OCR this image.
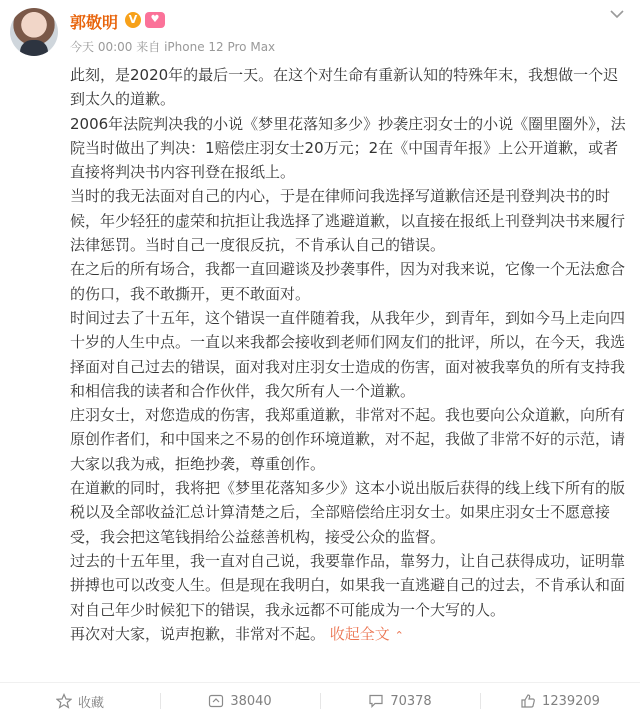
郭敬明 V	♥
今天 00:00 来自 iPhone 12 Pro Max

此刻，是2020年的最后一天。在这个对生命有重新认知的特殊年末，我想做一个迟到太久的道歉。

2006年法院判决我的小说《梦里花落知多少》抄袭庄羽女士的小说《圈里圈外》，法院当时做出了判决：1赔偿庄羽女士20万元；2在《中国青年报》上公开道歉，或者直接将判决书内容刊登在报纸上。

当时的我无法面对自己的内心，于是在律师问我选择写道歉信还是刊登判决书的时候，年少轻狂的虚荣和抗拒让我选择了逃避道歉，以直接在报纸上刊登判决书来履行法律惩罚。当时自己一度很反抗，不肯承认自己的错误。

在之后的所有场合，我都一直回避谈及抄袭事件，因为对我来说，它像一个无法愈合的伤口，我不敢撕开，更不敢面对。

时间过去了十五年，这个错误一直伴随着我，从我年少，到青年，到如今马上走向四十岁的人生中点。一直以来我都会接收到老师们网友们的批评，所以，在今天，我选择面对自己过去的错误，面对我对庄羽女士造成的伤害，面对被我辜负的所有支持我和相信我的读者和合作伙伴，我欠所有人一个道歉。

庄羽女士，对您造成的伤害，我郑重道歉，非常对不起。我也要向公众道歉，向所有原创作者们，和中国来之不易的创作环境道歉，对不起，我做了非常不好的示范，请大家以我为戒，拒绝抄袭，尊重创作。

在道歉的同时，我将把《梦里花落知多少》这本小说出版后获得的线上线下所有的版税以及全部收益汇总计算清楚之后，全部赔偿给庄羽女士。如果庄羽女士不愿意接受，我会把这笔钱捐给公益慈善机构，接受公众的监督。

过去的十五年里，我一直对自己说，我要靠作品，靠努力，让自己获得成功，证明靠拼搏也可以改变人生。但是现在我明白，如果我一直逃避自己的过去，不肯承认和面对自己年少时候犯下的错误，我永远都不可能成为一个大写的人。

再次对大家，说声抱歉，非常对不起。 收起全文 ⌃

收藏	38040	70378	1239209
